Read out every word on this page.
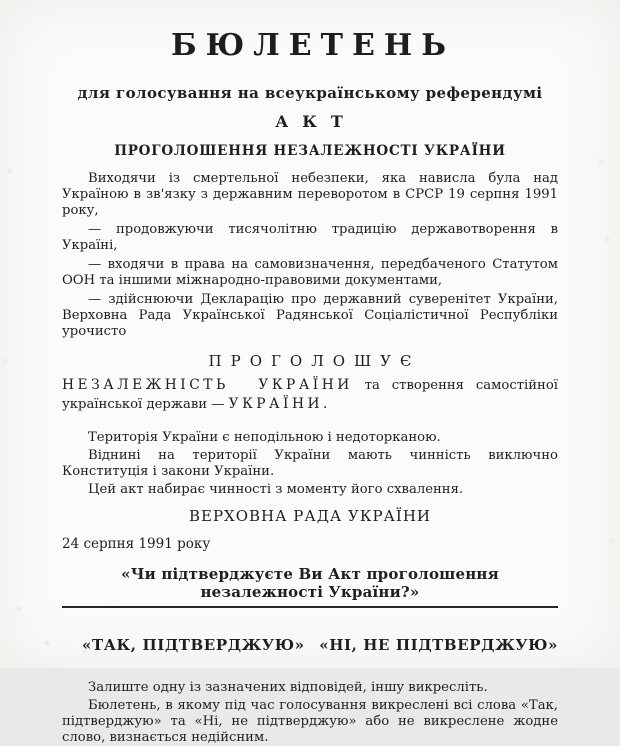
БЮЛЕТЕНЬ
для голосування на всеукраїнському референдумі
АКТ
ПРОГОЛОШЕННЯ НЕЗАЛЕЖНОСТІ УКРАЇНИ

Виходячи із смертельної небезпеки, яка нависла була над Україною в зв'язку з державним переворотом в СРСР 19 серпня 1991 року,

— продовжуючи тисячолітню традицію державотворення в Україні,

— входячи в права на самовизначення, передбаченого Статутом ООН та іншими міжнародно-правовими документами,

— здійснюючи Декларацію про державний суверенітет України, Верховна Рада Української Радянської Соціалістичної Республіки урочисто

ПРОГОЛОШУЄ

НЕЗАЛЕЖНІСТЬ УКРАЇНИ та створення самостійної української держави — УКРАЇНИ.

Територія України є неподільною і недоторканою.

Віднині на території України мають чинність виключно Конституція і закони України.

Цей акт набирає чинності з моменту його схвалення.

ВЕРХОВНА РАДА УКРАЇНИ
24 серпня 1991 року
«Чи підтверджуєте Ви Акт проголошення незалежності України?»
«ТАК, ПІДТВЕРДЖУЮ» «НІ, НЕ ПІДТВЕРДЖУЮ»

Залиште одну із зазначених відповідей, іншу викресліть.

Бюлетень, в якому під час голосування викреслені всі слова «Так, підтверджую» та «Ні, не підтверджую» або не викреслене жодне слово, визнається недійсним.
